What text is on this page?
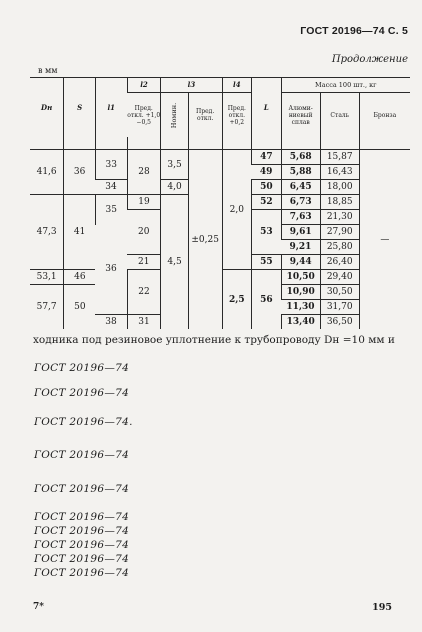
ГОСТ 20196—74 С. 5
Продолжение
в мм
Dн	S	l1	l2	l3		l4	L	Масса 100 шт., кг		
			Пред. откл. +1,0 −0,5	Номин.	Пред. откл.	Пред. откл. +0,2		Алюми-ниевый сплав	Сталь	Бронза

41,6	36	33	28	3,5	±0,25	2,0	47	5,68	15,87	—
							49	5,88	16,43	
		34		4,0			50	6,45	18,00	
47,3	41	35	19	4,5			52	6,73	18,85	
			20				53	7,63	21,30	
		36						9,61	27,90	
								9,21	25,80	
			21				55	9,44	26,40	
53,1	46		22			2,5	56	10,50	29,40	
57,7	50							10,90	30,50	
								11,30	31,70	
		38	31					13,40	36,50	
ходника под резиновое уплотнение к трубопроводу Dн =10 мм и
ГОСТ 20196—74
ГОСТ 20196—74
ГОСТ 20196—74.
ГОСТ 20196—74
ГОСТ 20196—74
ГОСТ 20196—74
ГОСТ 20196—74
ГОСТ 20196—74
ГОСТ 20196—74
ГОСТ 20196—74
7*	195
